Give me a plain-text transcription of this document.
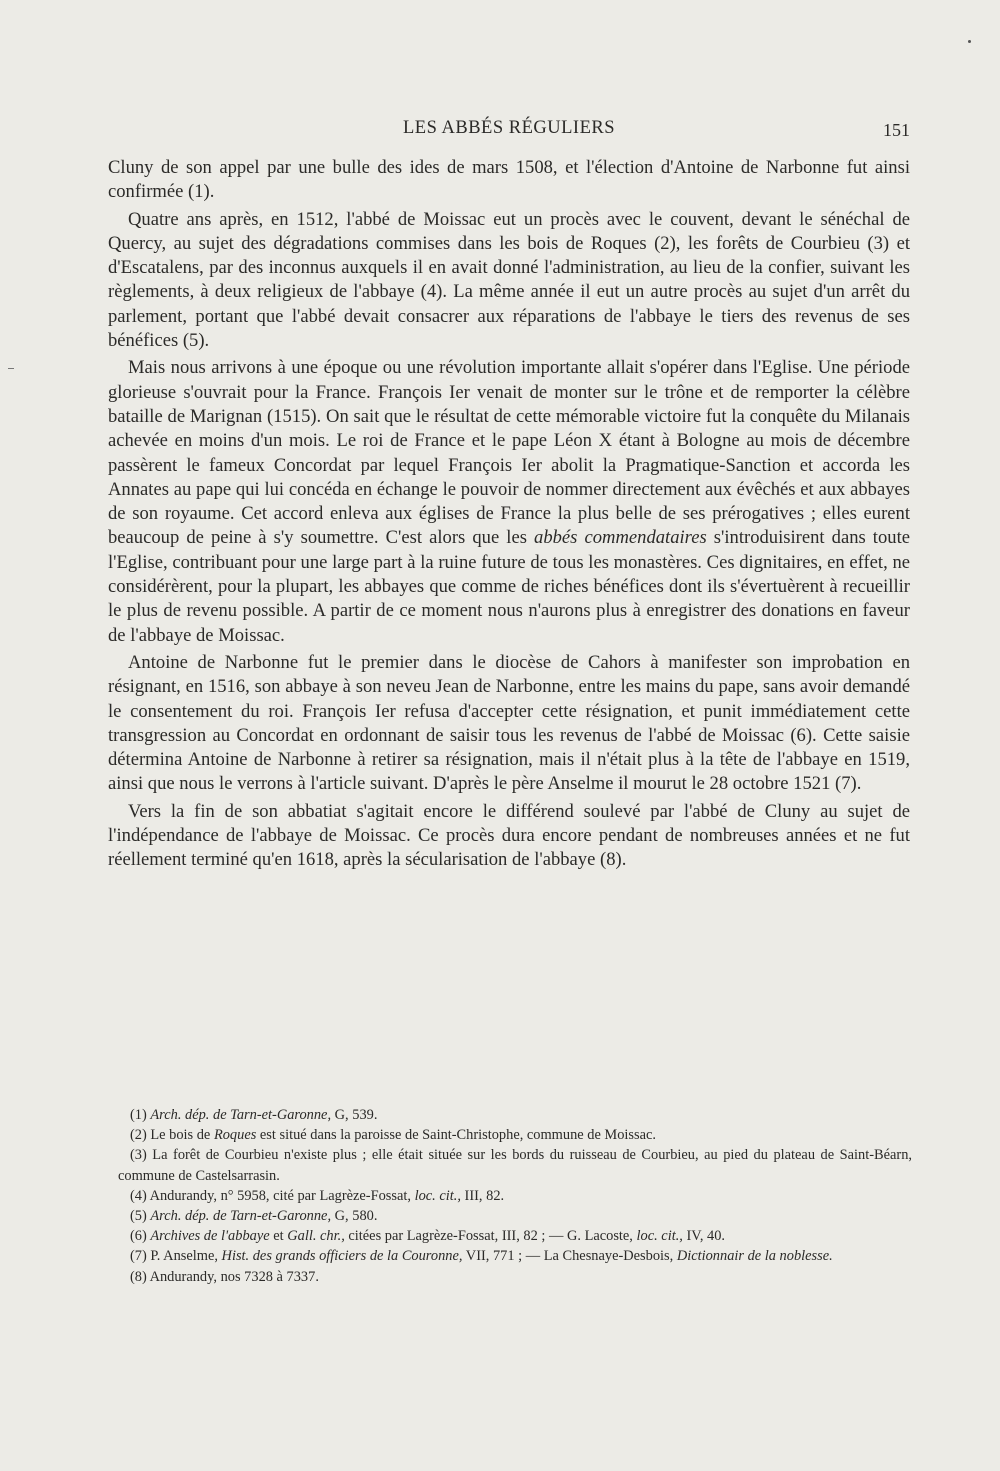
LES ABBÉS RÉGULIERS	151

Cluny de son appel par une bulle des ides de mars 1508, et l'élection d'Antoine de Narbonne fut ainsi confirmée (1).

Quatre ans après, en 1512, l'abbé de Moissac eut un procès avec le couvent, devant le sénéchal de Quercy, au sujet des dégradations commises dans les bois de Roques (2), les forêts de Courbieu (3) et d'Escatalens, par des inconnus auxquels il en avait donné l'administration, au lieu de la confier, suivant les règlements, à deux religieux de l'abbaye (4). La même année il eut un autre procès au sujet d'un arrêt du parlement, portant que l'abbé devait consacrer aux réparations de l'abbaye le tiers des revenus de ses bénéfices (5).

Mais nous arrivons à une époque ou une révolution importante allait s'opérer dans l'Eglise. Une période glorieuse s'ouvrait pour la France. François Ier venait de monter sur le trône et de remporter la célèbre bataille de Marignan (1515). On sait que le résultat de cette mémorable victoire fut la conquête du Milanais achevée en moins d'un mois. Le roi de France et le pape Léon X étant à Bologne au mois de décembre passèrent le fameux Concordat par lequel François Ier abolit la Pragmatique-Sanction et accorda les Annates au pape qui lui concéda en échange le pouvoir de nommer directement aux évêchés et aux abbayes de son royaume. Cet accord enleva aux églises de France la plus belle de ses prérogatives ; elles eurent beaucoup de peine à s'y soumettre. C'est alors que les abbés commendataires s'introduisirent dans toute l'Eglise, contribuant pour une large part à la ruine future de tous les monastères. Ces dignitaires, en effet, ne considérèrent, pour la plupart, les abbayes que comme de riches bénéfices dont ils s'évertuèrent à recueillir le plus de revenu possible. A partir de ce moment nous n'aurons plus à enregistrer des donations en faveur de l'abbaye de Moissac.

Antoine de Narbonne fut le premier dans le diocèse de Cahors à manifester son improbation en résignant, en 1516, son abbaye à son neveu Jean de Narbonne, entre les mains du pape, sans avoir demandé le consentement du roi. François Ier refusa d'accepter cette résignation, et punit immédiatement cette transgression au Concordat en ordonnant de saisir tous les revenus de l'abbé de Moissac (6). Cette saisie détermina Antoine de Narbonne à retirer sa résignation, mais il n'était plus à la tête de l'abbaye en 1519, ainsi que nous le verrons à l'article suivant. D'après le père Anselme il mourut le 28 octobre 1521 (7).

Vers la fin de son abbatiat s'agitait encore le différend soulevé par l'abbé de Cluny au sujet de l'indépendance de l'abbaye de Moissac. Ce procès dura encore pendant de nombreuses années et ne fut réellement terminé qu'en 1618, après la sécularisation de l'abbaye (8).

(1) Arch. dép. de Tarn-et-Garonne, G, 539.

(2) Le bois de Roques est situé dans la paroisse de Saint-Christophe, commune de Moissac.

(3) La forêt de Courbieu n'existe plus ; elle était située sur les bords du ruisseau de Courbieu, au pied du plateau de Saint-Béarn, commune de Castelsarrasin.

(4) Andurandy, n° 5958, cité par Lagrèze-Fossat, loc. cit., III, 82.

(5) Arch. dép. de Tarn-et-Garonne, G, 580.

(6) Archives de l'abbaye et Gall. chr., citées par Lagrèze-Fossat, III, 82 ; — G. Lacoste, loc. cit., IV, 40.

(7) P. Anselme, Hist. des grands officiers de la Couronne, VII, 771 ; — La Chesnaye-Desbois, Dictionnair de la noblesse.

(8) Andurandy, nos 7328 à 7337.
